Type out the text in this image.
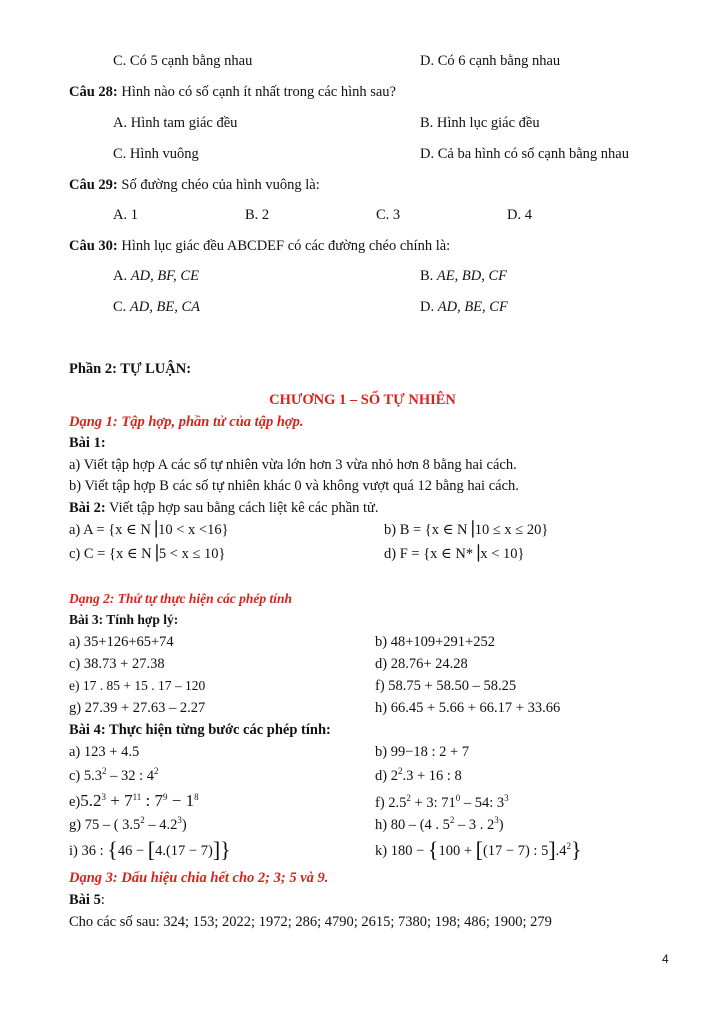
C. Có 5 cạnh bằng nhau	D. Có 6 cạnh bằng nhau
Câu 28: Hình nào có số cạnh ít nhất trong các hình sau?
A. Hình tam giác đều	B. Hình lục giác đều
C. Hình vuông	D. Cả ba hình có số cạnh bằng nhau
Câu 29: Số đường chéo của hình vuông là:
A. 1	B. 2	C. 3	D. 4
Câu 30: Hình lục giác đều ABCDEF có các đường chéo chính là:
A. AD, BF, CE	B. AE, BD, CF
C. AD, BE, CA	D. AD, BE, CF
Phần 2: TỰ LUẬN:
CHƯƠNG 1 – SỐ TỰ NHIÊN
Dạng 1: Tập hợp, phần tử của tập hợp.
Bài 1:
a) Viết tập hợp A các số tự nhiên vừa lớn hơn 3 vừa nhỏ hơn 8 bằng hai cách.
b) Viết tập hợp B các số tự nhiên khác 0 và không vượt quá 12 bằng hai cách.
Bài 2: Viết tập hợp sau bằng cách liệt kê các phần tử.
a) A = {x ∈ N⎟10 < x <16}	b) B = {x ∈ N⎟10 ≤ x ≤ 20}
c) C = {x ∈ N⎟5 < x ≤ 10}	d) F = {x ∈ N*⎟x < 10}
Dạng 2: Thứ tự thực hiện các phép tính
Bài 3: Tính hợp lý:
a) 35+126+65+74	b) 48+109+291+252
c) 38.73 + 27.38	d) 28.76+ 24.28
e) 17 . 85 + 15 . 17 – 120	f) 58.75 + 58.50 – 58.25
g) 27.39 + 27.63 – 2.27	h) 66.45 + 5.66 + 66.17 + 33.66
Bài 4: Thực hiện từng bước các phép tính:
a) 123 + 4.5	b) 99−18 : 2 + 7
c) $5.3^2 - 32$ : $4^2$	d) $2^2.3 + 16$ : 8
$e)5.2^3 + 7^{11}$ : $7^9 - 1^8$	f) $2.5^2 + 3$: $71^0 - 54$: $3^3$
g) 75 – ( $3.5^2 - 4.2^3$)	h) 80 – (4 . $5^2 - 3$ . $2^3$)
i) 36 : {46 − [4.(17 − 7)]}	k) 180 − {100 + [(17 − 7) : $5].4^2$}
Dạng 3: Dấu hiệu chia hết cho 2; 3; 5 và 9.
Bài 5:
Cho các số sau: 324; 153; 2022; 1972; 286; 4790; 2615; 7380; 198; 486; 1900; 279
4
